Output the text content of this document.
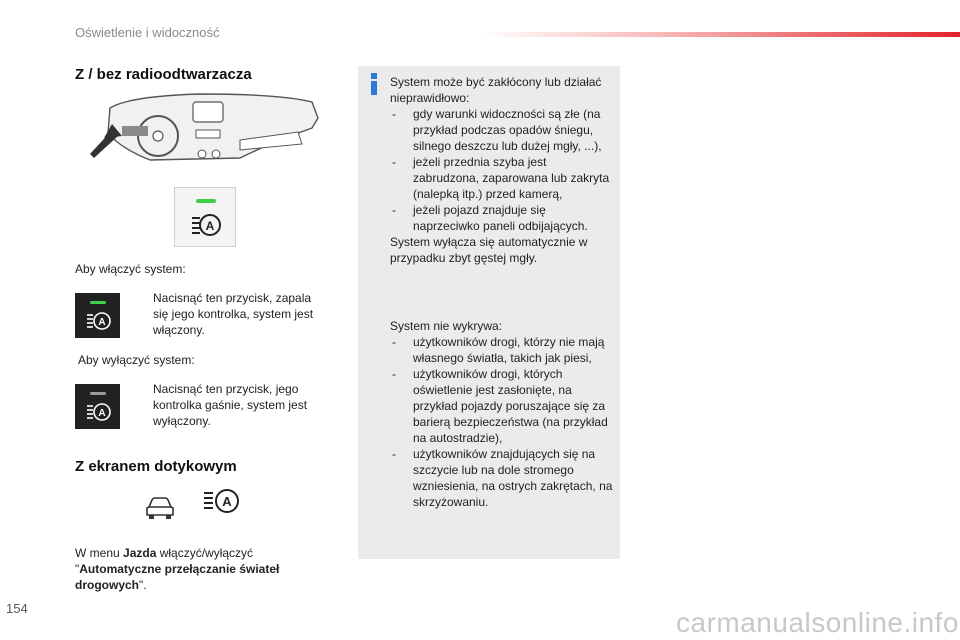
Oświetlenie i widoczność
Z / bez radioodtwarzacza
A
Aby włączyć system:
A
Nacisnąć ten przycisk, zapala się jego kontrolka, system jest włączony.
Aby wyłączyć system:
A
Nacisnąć ten przycisk, jego kontrolka gaśnie, system jest wyłączony.
Z ekranem dotykowym
A
W menu Jazda włączyć/wyłączyć "Automatyczne przełączanie świateł drogowych".

System może być zakłócony lub działać nieprawidłowo:

- gdy warunki widoczności są złe (na przykład podczas opadów śniegu, silnego deszczu lub dużej mgły, ...),
- jeżeli przednia szyba jest zabrudzona, zaparowana lub zakryta (nalepką itp.) przed kamerą,
- jeżeli pojazd znajduje się naprzeciwko paneli odbijających.

System wyłącza się automatycznie w przypadku zbyt gęstej mgły.

System nie wykrywa:

- użytkowników drogi, którzy nie mają własnego światła, takich jak piesi,
- użytkowników drogi, których oświetlenie jest zasłonięte, na przykład pojazdy poruszające się za barierą bezpieczeństwa (na przykład na autostradzie),
- użytkowników znajdujących się na szczycie lub na dole stromego wzniesienia, na ostrych zakrętach, na skrzyżowaniu.
154	carmanualsonline.info
